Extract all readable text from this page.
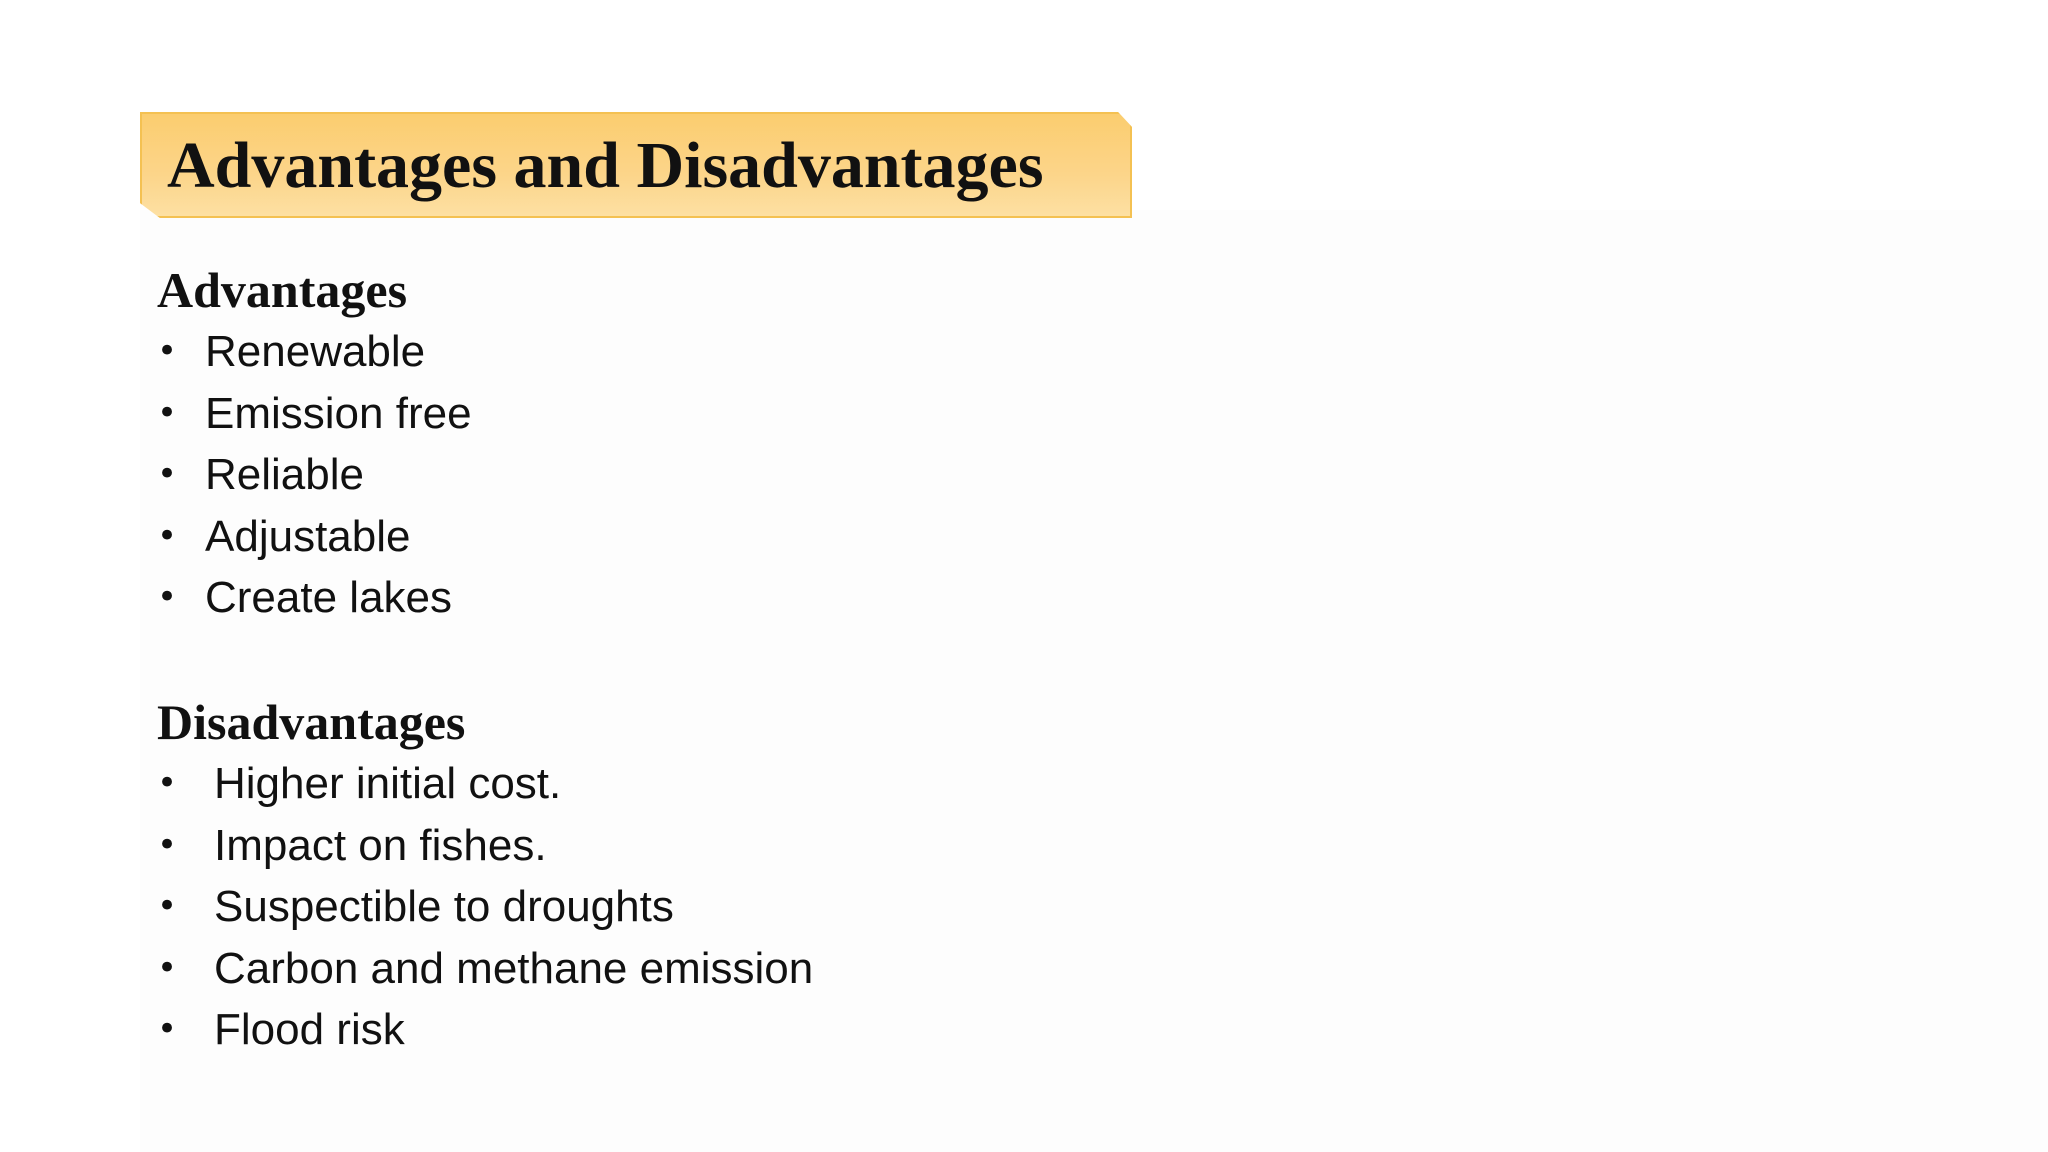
Advantages and Disadvantages
Advantages
• Renewable
• Emission free
• Reliable
• Adjustable
• Create lakes
Disadvantages
• Higher initial cost.
• Impact on fishes.
• Suspectible to droughts
• Carbon and methane emission
• Flood risk
